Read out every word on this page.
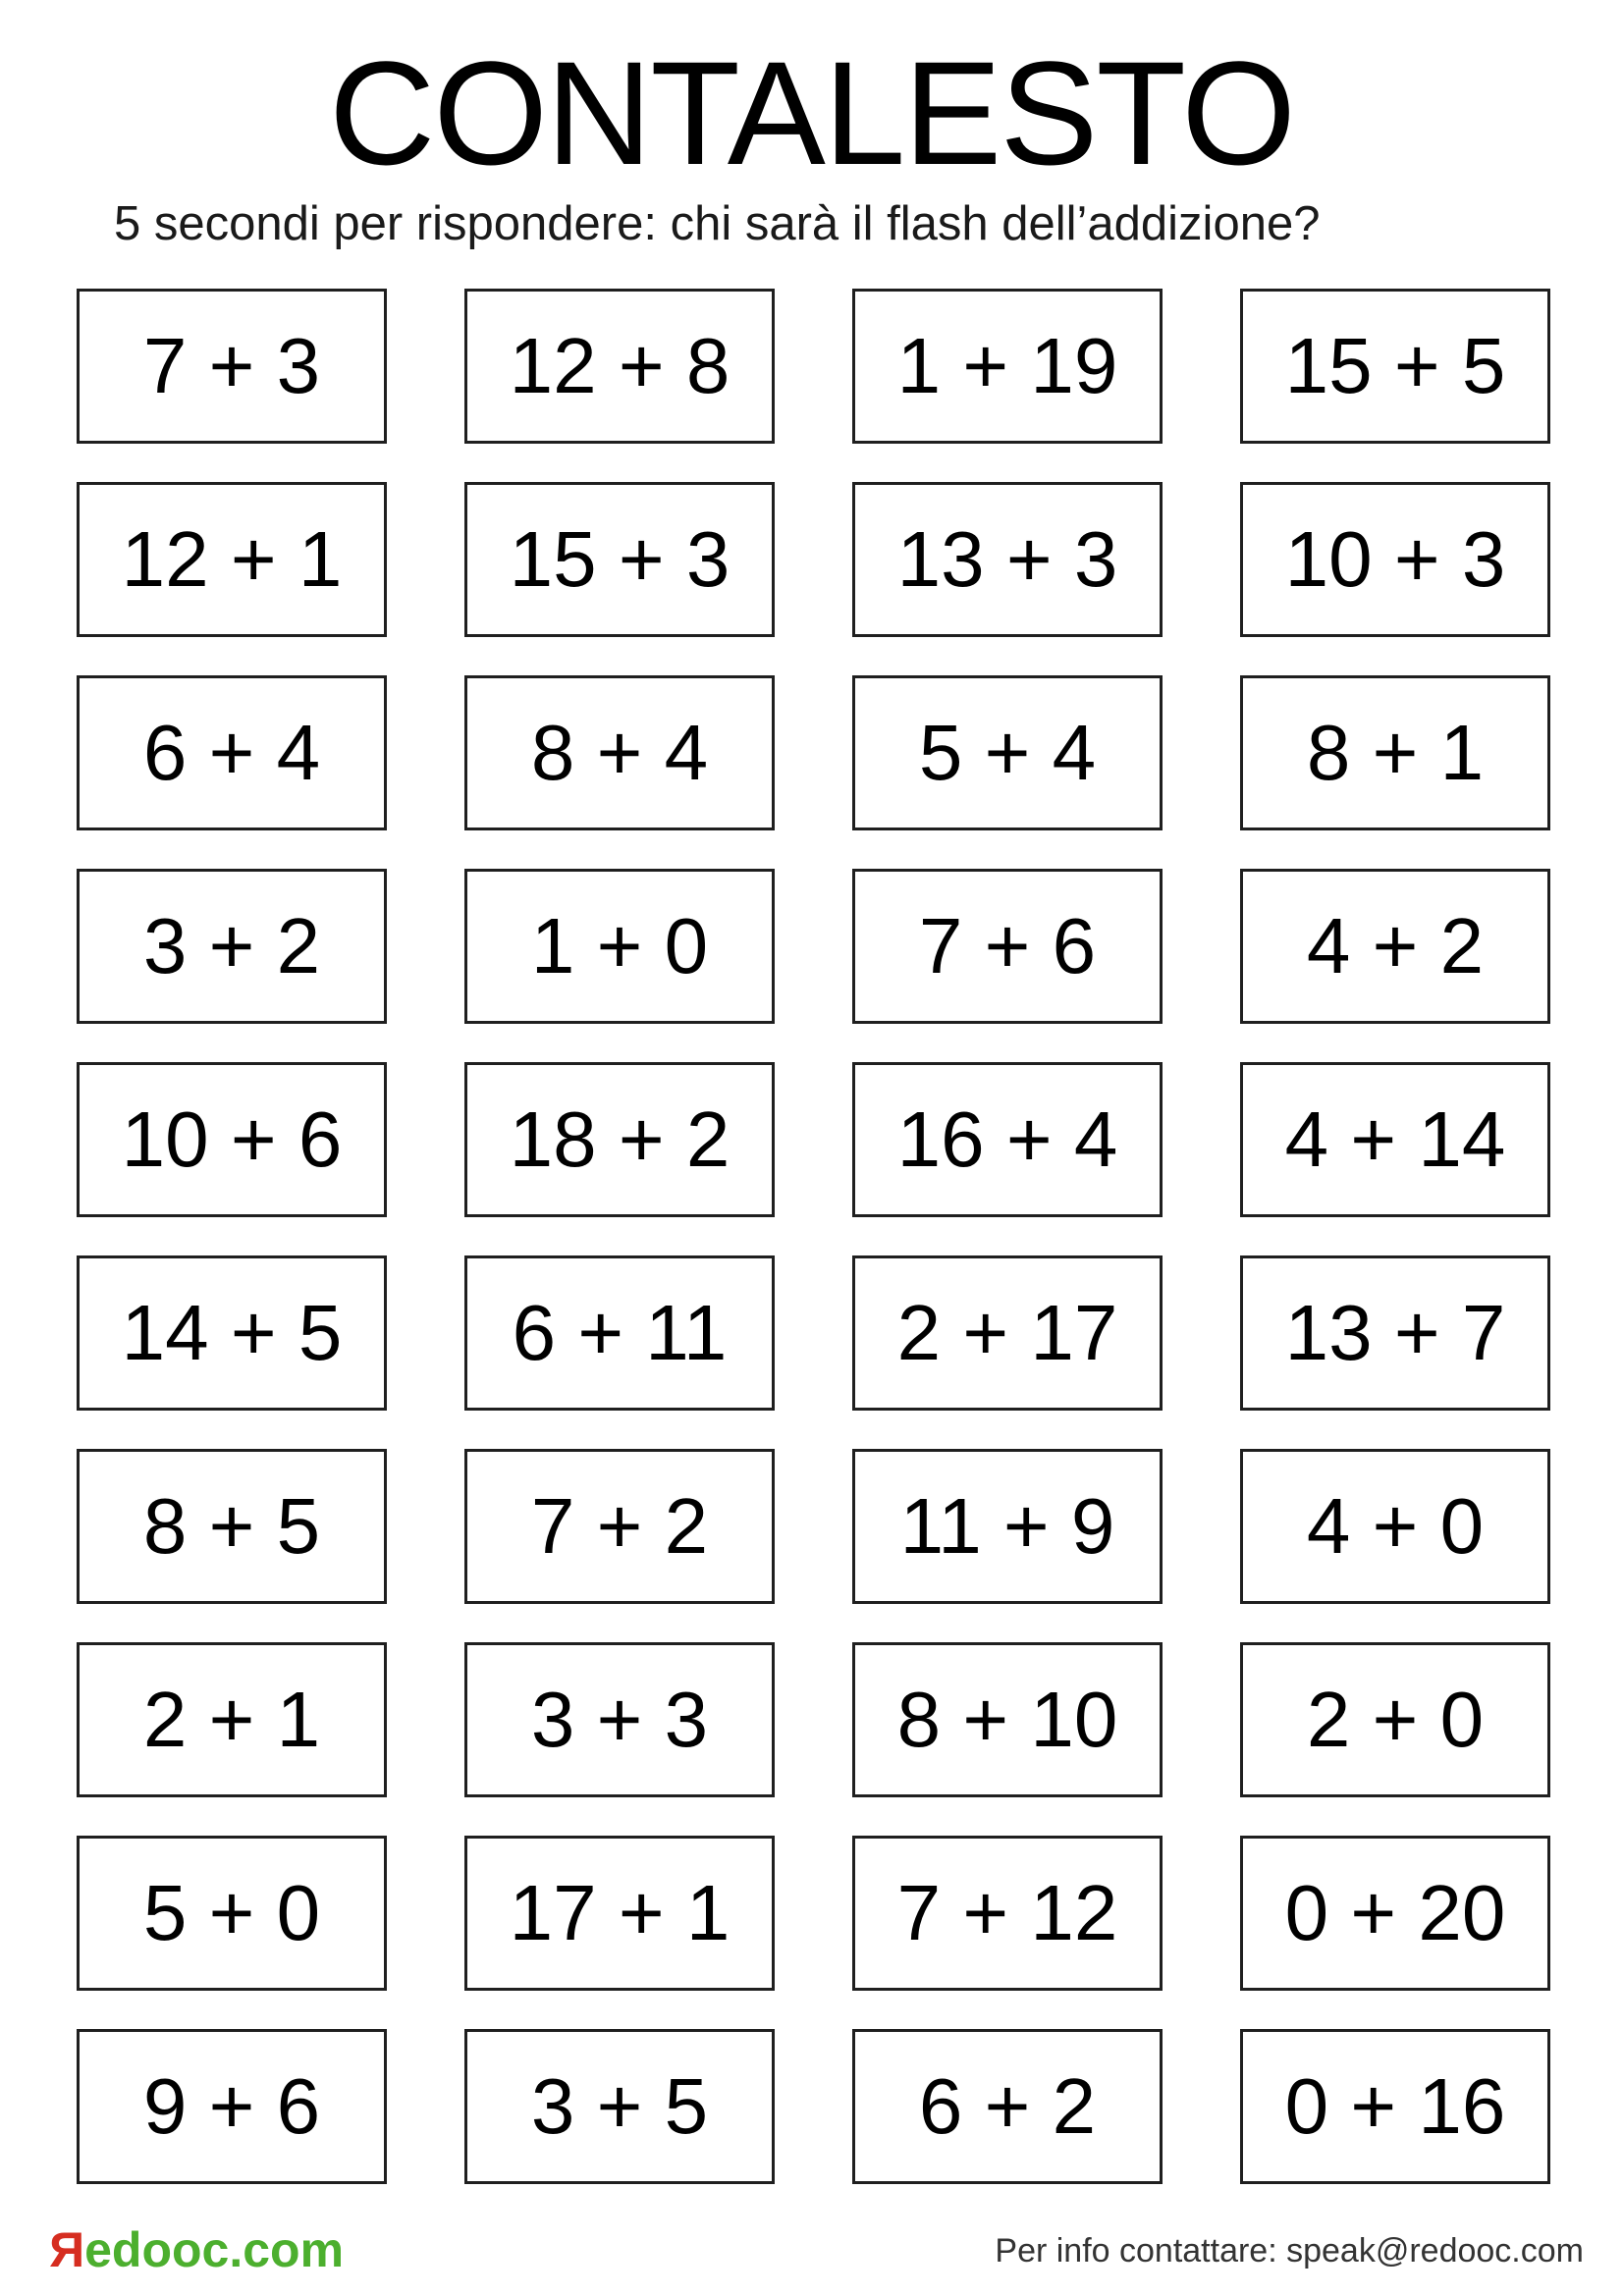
CONTALESTO

5 secondi per rispondere: chi sarà il flash dell’addizione?

7 + 3	12 + 8	1 + 19	15 + 5
12 + 1	15 + 3	13 + 3	10 + 3
6 + 4	8 + 4	5 + 4	8 + 1
3 + 2	1 + 0	7 + 6	4 + 2
10 + 6	18 + 2	16 + 4	4 + 14
14 + 5	6 + 11	2 + 17	13 + 7
8 + 5	7 + 2	11 + 9	4 + 0
2 + 1	3 + 3	8 + 10	2 + 0
5 + 0	17 + 1	7 + 12	0 + 20
9 + 6	3 + 5	6 + 2	0 + 16
R edooc.com	Per info contattare: speak@redooc.com
